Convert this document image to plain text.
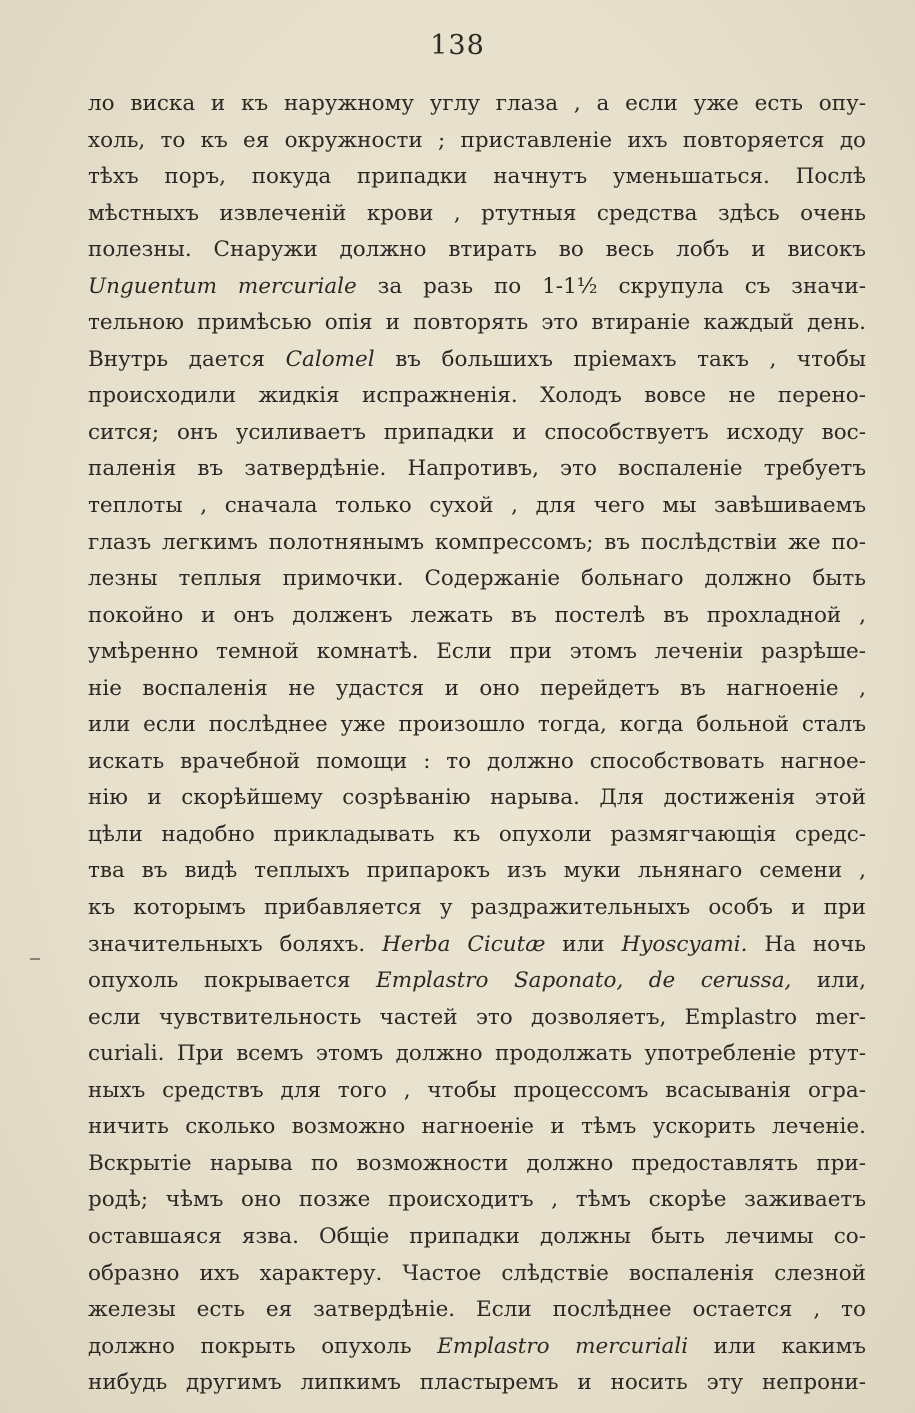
138
ло виска и къ наружному углу глаза , а если уже есть опу-
холь, то къ ея окружности ; приставленіе ихъ повторяется до
тѣхъ поръ, покуда припадки начнутъ уменьшаться. Послѣ
мѣстныхъ извлеченій крови , ртутныя средства здѣсь очень
полезны. Снаружи должно втирать во весь лобъ и високъ
Unguentum mercuriale за разь по 1-1½ скрупула съ значи-
тельною примѣсью опія и повторять это втираніе каждый день.
Внутрь дается Calomel въ большихъ пріемахъ такъ , чтобы
происходили жидкія испражненія. Холодъ вовсе не перено-
сится; онъ усиливаетъ припадки и способствуетъ исходу вос-
паленія въ затвердѣніе. Напротивъ, это воспаленіе требуетъ
теплоты , сначала только сухой , для чего мы завѣшиваемъ
глазъ легкимъ полотнянымъ компрессомъ; въ послѣдствіи же по-
лезны теплыя примочки. Содержаніе больнаго должно быть
покойно и онъ долженъ лежать въ постелѣ въ прохладной ,
умѣренно темной комнатѣ. Если при этомъ леченіи разрѣше-
ніе воспаленія не удастся и оно перейдетъ въ нагноеніе ,
или если послѣднее уже произошло тогда, когда больной сталъ
искать врачебной помощи : то должно способствовать нагное-
нію и скорѣйшему созрѣванію нарыва. Для достиженія этой
цѣли надобно прикладывать къ опухоли размягчающія средс-
тва въ видѣ теплыхъ припарокъ изъ муки льнянаго семени ,
къ которымъ прибавляется у раздражительныхъ особъ и при
значительныхъ боляхъ. Herba Cicutæ или Hyoscyami. На ночь
опухоль покрывается Emplastro Saponato, de cerussa, или,
если чувствительность частей это дозволяетъ, Emplastro mer-
curiali. При всемъ этомъ должно продолжать употребленіе ртут-
ныхъ средствъ для того , чтобы процессомъ всасыванія огра-
ничить сколько возможно нагноеніе и тѣмъ ускорить леченіе.
Вскрытіе нарыва по возможности должно предоставлять при-
родѣ; чѣмъ оно позже происходитъ , тѣмъ скорѣе заживаетъ
оставшаяся язва. Общіе припадки должны быть лечимы со-
образно ихъ характеру. Частое слѣдствіе воспаленія слезной
железы есть ея затвердѣніе. Если послѣднее остается , то
должно покрыть опухоль Emplastro mercuriali или какимъ
нибудь другимъ липкимъ пластыремъ и носить эту непрони-
